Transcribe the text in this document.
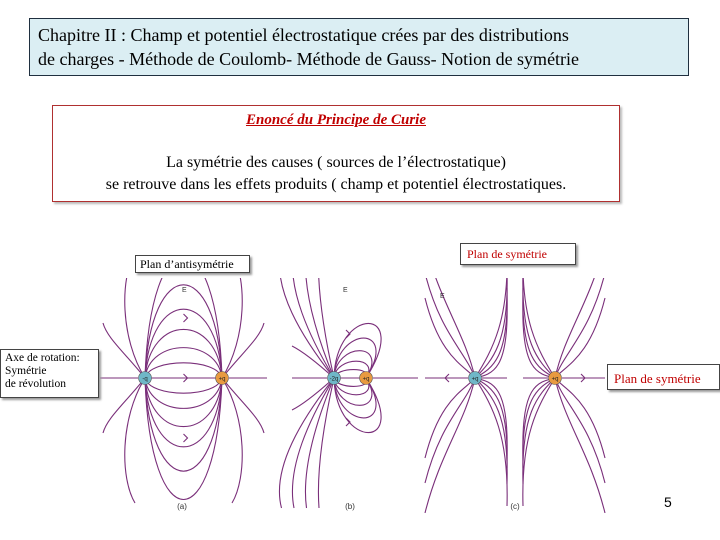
Chapitre II : Champ et potentiel électrostatique crées par des distributions
de charges - Méthode de Coulomb- Méthode de Gauss- Notion de symétrie
Enoncé du Principe de Curie
La symétrie des causes ( sources de l’électrostatique)
se retrouve dans les effets produits ( champ et potentiel électrostatiques.
-q	+q	-2q	+q	+q	+q
(a)	(b)	(c)
E	E
E
Plan d’antisymétrie
Plan de symétrie
Axe de rotation:
Symétrie
de révolution	Plan de symétrie
5
